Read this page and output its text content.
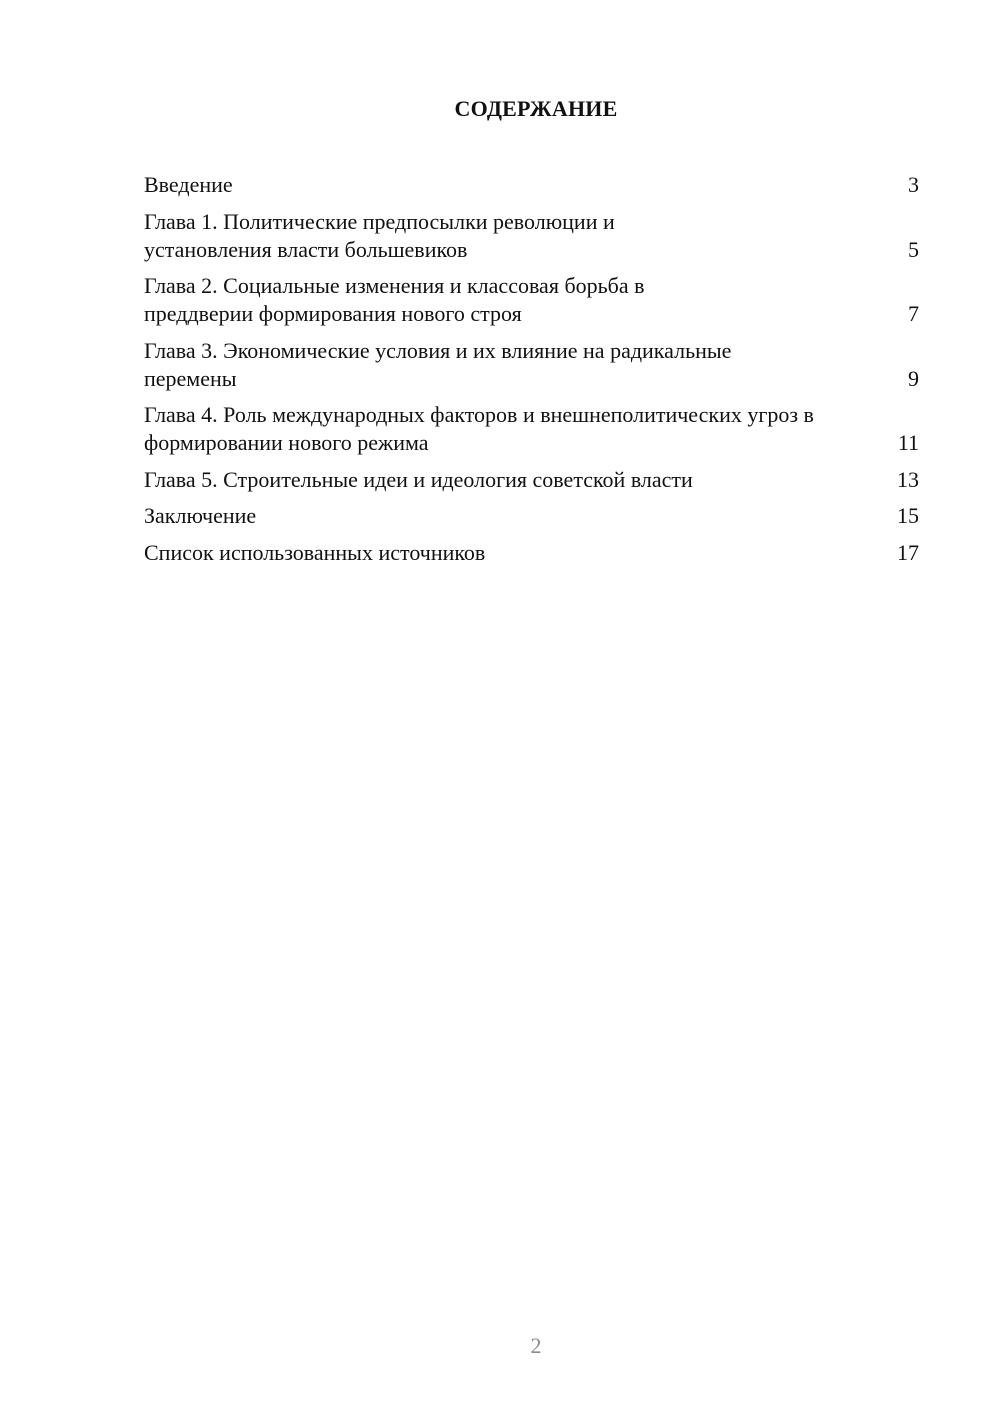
СОДЕРЖАНИЕ
Введение	3
Глава 1. Политические предпосылки революции и установления власти большевиков	5
Глава 2. Социальные изменения и классовая борьба в преддверии формирования нового строя	7
Глава 3. Экономические условия и их влияние на радикальные перемены	9
Глава 4. Роль международных факторов и внешнеполитических угроз в формировании нового режима	11
Глава 5. Строительные идеи и идеология советской власти	13
Заключение	15
Список использованных источников	17
2
